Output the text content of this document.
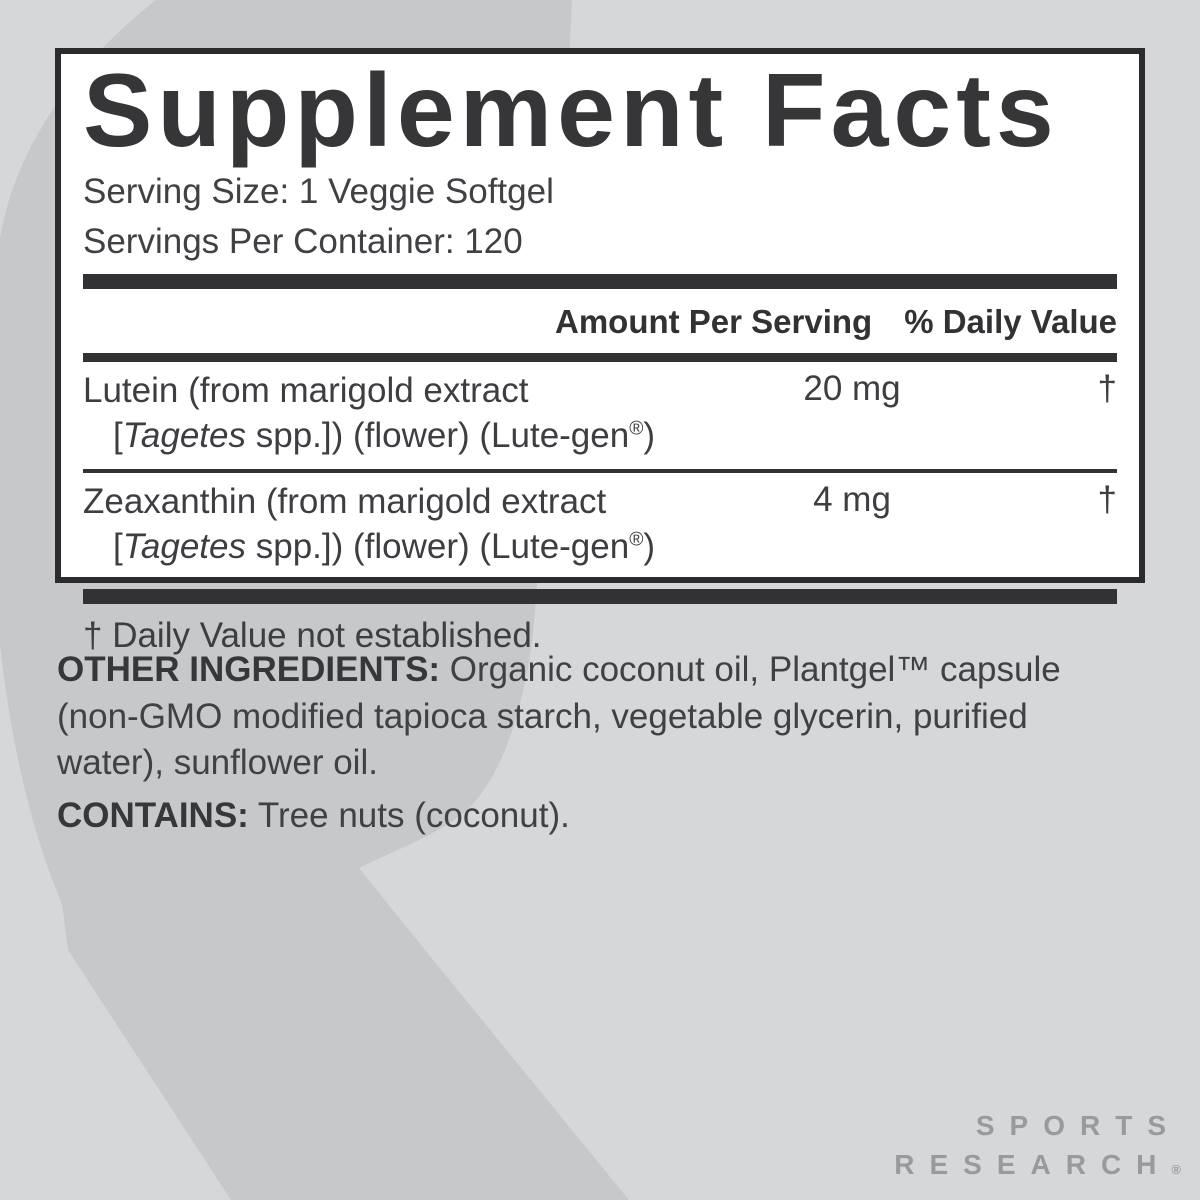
Supplement Facts
Serving Size: 1 Veggie Softgel
Servings Per Container: 120
Amount Per Serving % Daily Value
Lutein (from marigold extract
[Tagetes spp.]) (flower) (Lute-gen®)
20 mg	†
Zeaxanthin (from marigold extract
[Tagetes spp.]) (flower) (Lute-gen®)
4 mg	†
† Daily Value not established.

OTHER INGREDIENTS: Organic coconut oil, Plantgel™ capsule (non-GMO modified tapioca starch, vegetable glycerin, purified water), sunflower oil.

CONTAINS: Tree nuts (coconut).

SPORTS
RESEARCH®
